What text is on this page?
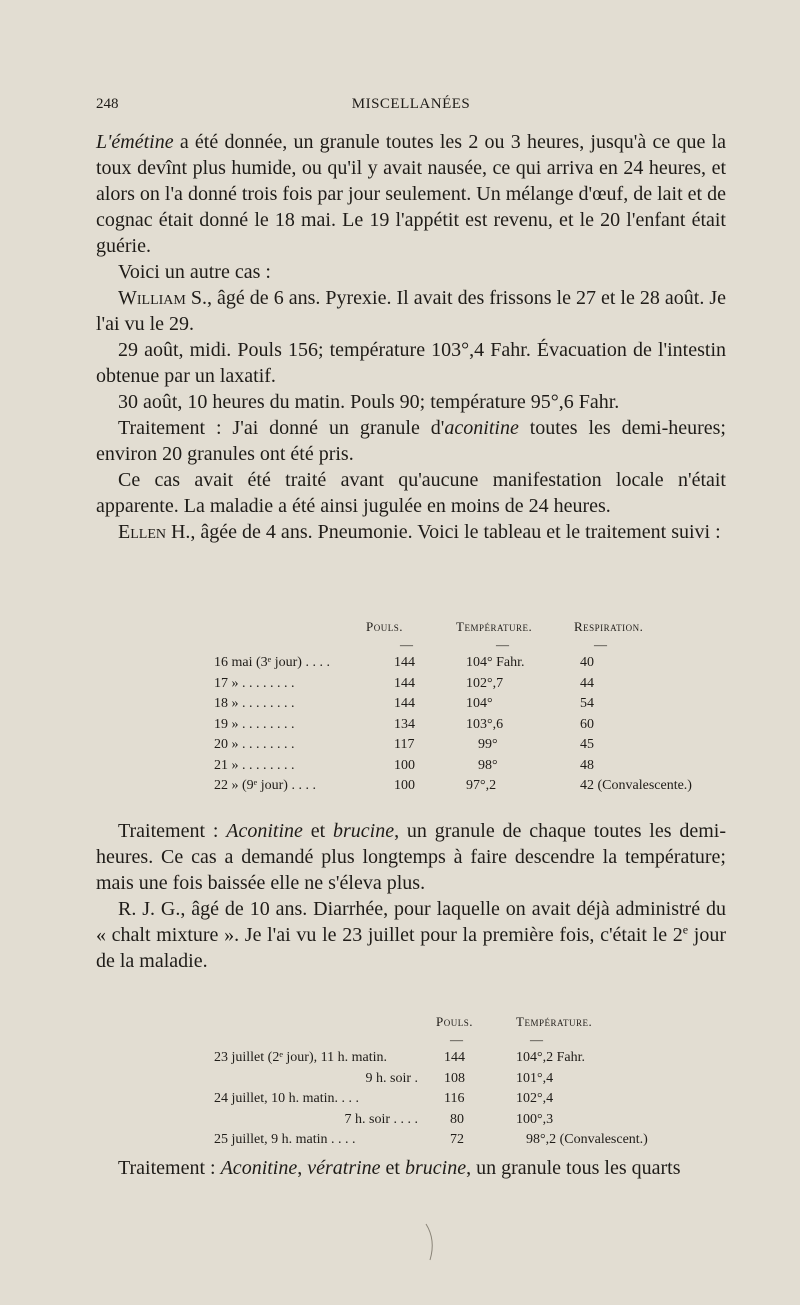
248	MISCELLANÉES

L'émétine a été donnée, un granule toutes les 2 ou 3 heures, jusqu'à ce que la toux devînt plus humide, ou qu'il y avait nausée, ce qui arriva en 24 heures, et alors on l'a donné trois fois par jour seulement. Un mélange d'œuf, de lait et de cognac était donné le 18 mai. Le 19 l'appétit est revenu, et le 20 l'enfant était guérie.

Voici un autre cas :

William S., âgé de 6 ans. Pyrexie. Il avait des frissons le 27 et le 28 août. Je l'ai vu le 29.

29 août, midi. Pouls 156; température 103°,4 Fahr. Évacuation de l'intestin obtenue par un laxatif.

30 août, 10 heures du matin. Pouls 90; température 95°,6 Fahr.

Traitement : J'ai donné un granule d'aconitine toutes les demi-heures; environ 20 granules ont été pris.

Ce cas avait été traité avant qu'aucune manifestation locale n'était apparente. La maladie a été ainsi jugulée en moins de 24 heures.

Ellen H., âgée de 4 ans. Pneumonie. Voici le tableau et le traitement suivi :

	Pouls.	Température.	Respiration.
	—	—	—
16 mai (3ᵉ jour) . . . .	144	104° Fahr.	40
17 » . . . . . . . .	144	102°,7	44
18 » . . . . . . . .	144	104°	54
19 » . . . . . . . .	134	103°,6	60
20 » . . . . . . . .	117	99°	45
21 » . . . . . . . .	100	98°	48
22 » (9ᵉ jour) . . . .	100	97°,2	42 (Convalescente.)

Traitement : Aconitine et brucine, un granule de chaque toutes les demi-heures. Ce cas a demandé plus longtemps à faire descendre la température; mais une fois baissée elle ne s'éleva plus.

R. J. G., âgé de 10 ans. Diarrhée, pour laquelle on avait déjà administré du « chalt mixture ». Je l'ai vu le 23 juillet pour la première fois, c'était le 2e jour de la maladie.

	Pouls.	Température.
	—	—
23 juillet (2ᵉ jour), 11 h. matin.	144	104°,2 Fahr.
9 h. soir .	108	101°,4
24 juillet, 10 h. matin. . . .	116	102°,4
7 h. soir . . . .	80	100°,3
25 juillet, 9 h. matin . . . .	72	98°,2 (Convalescent.)

Traitement : Aconitine, vératrine et brucine, un granule tous les quarts
